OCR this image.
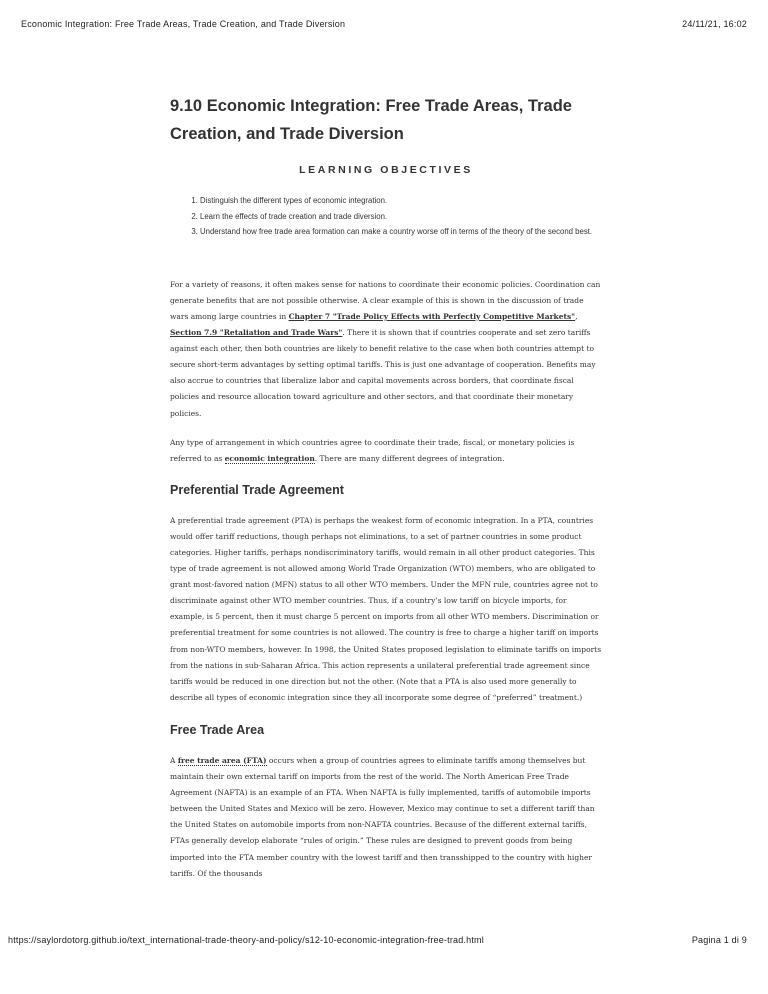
Economic Integration: Free Trade Areas, Trade Creation, and Trade Diversion	24/11/21, 16:02
9.10 Economic Integration: Free Trade Areas, Trade Creation, and Trade Diversion
LEARNING OBJECTIVES
1. Distinguish the different types of economic integration.
2. Learn the effects of trade creation and trade diversion.
3. Understand how free trade area formation can make a country worse off in terms of the theory of the second best.

For a variety of reasons, it often makes sense for nations to coordinate their economic policies. Coordination can generate benefits that are not possible otherwise. A clear example of this is shown in the discussion of trade wars among large countries in Chapter 7 "Trade Policy Effects with Perfectly Competitive Markets", Section 7.9 "Retaliation and Trade Wars". There it is shown that if countries cooperate and set zero tariffs against each other, then both countries are likely to benefit relative to the case when both countries attempt to secure short-term advantages by setting optimal tariffs. This is just one advantage of cooperation. Benefits may also accrue to countries that liberalize labor and capital movements across borders, that coordinate fiscal policies and resource allocation toward agriculture and other sectors, and that coordinate their monetary policies.

Any type of arrangement in which countries agree to coordinate their trade, fiscal, or monetary policies is referred to as economic integration. There are many different degrees of integration.

Preferential Trade Agreement

A preferential trade agreement (PTA) is perhaps the weakest form of economic integration. In a PTA, countries would offer tariff reductions, though perhaps not eliminations, to a set of partner countries in some product categories. Higher tariffs, perhaps nondiscriminatory tariffs, would remain in all other product categories. This type of trade agreement is not allowed among World Trade Organization (WTO) members, who are obligated to grant most-favored nation (MFN) status to all other WTO members. Under the MFN rule, countries agree not to discriminate against other WTO member countries. Thus, if a country’s low tariff on bicycle imports, for example, is 5 percent, then it must charge 5 percent on imports from all other WTO members. Discrimination or preferential treatment for some countries is not allowed. The country is free to charge a higher tariff on imports from non-WTO members, however. In 1998, the United States proposed legislation to eliminate tariffs on imports from the nations in sub-Saharan Africa. This action represents a unilateral preferential trade agreement since tariffs would be reduced in one direction but not the other. (Note that a PTA is also used more generally to describe all types of economic integration since they all incorporate some degree of “preferred” treatment.)

Free Trade Area

A free trade area (FTA) occurs when a group of countries agrees to eliminate tariffs among themselves but maintain their own external tariff on imports from the rest of the world. The North American Free Trade Agreement (NAFTA) is an example of an FTA. When NAFTA is fully implemented, tariffs of automobile imports between the United States and Mexico will be zero. However, Mexico may continue to set a different tariff than the United States on automobile imports from non-NAFTA countries. Because of the different external tariffs, FTAs generally develop elaborate “rules of origin.” These rules are designed to prevent goods from being imported into the FTA member country with the lowest tariff and then transshipped to the country with higher tariffs. Of the thousands

https://saylordotorg.github.io/text_international-trade-theory-and-policy/s12-10-economic-integration-free-trad.html	Pagina 1 di 9
